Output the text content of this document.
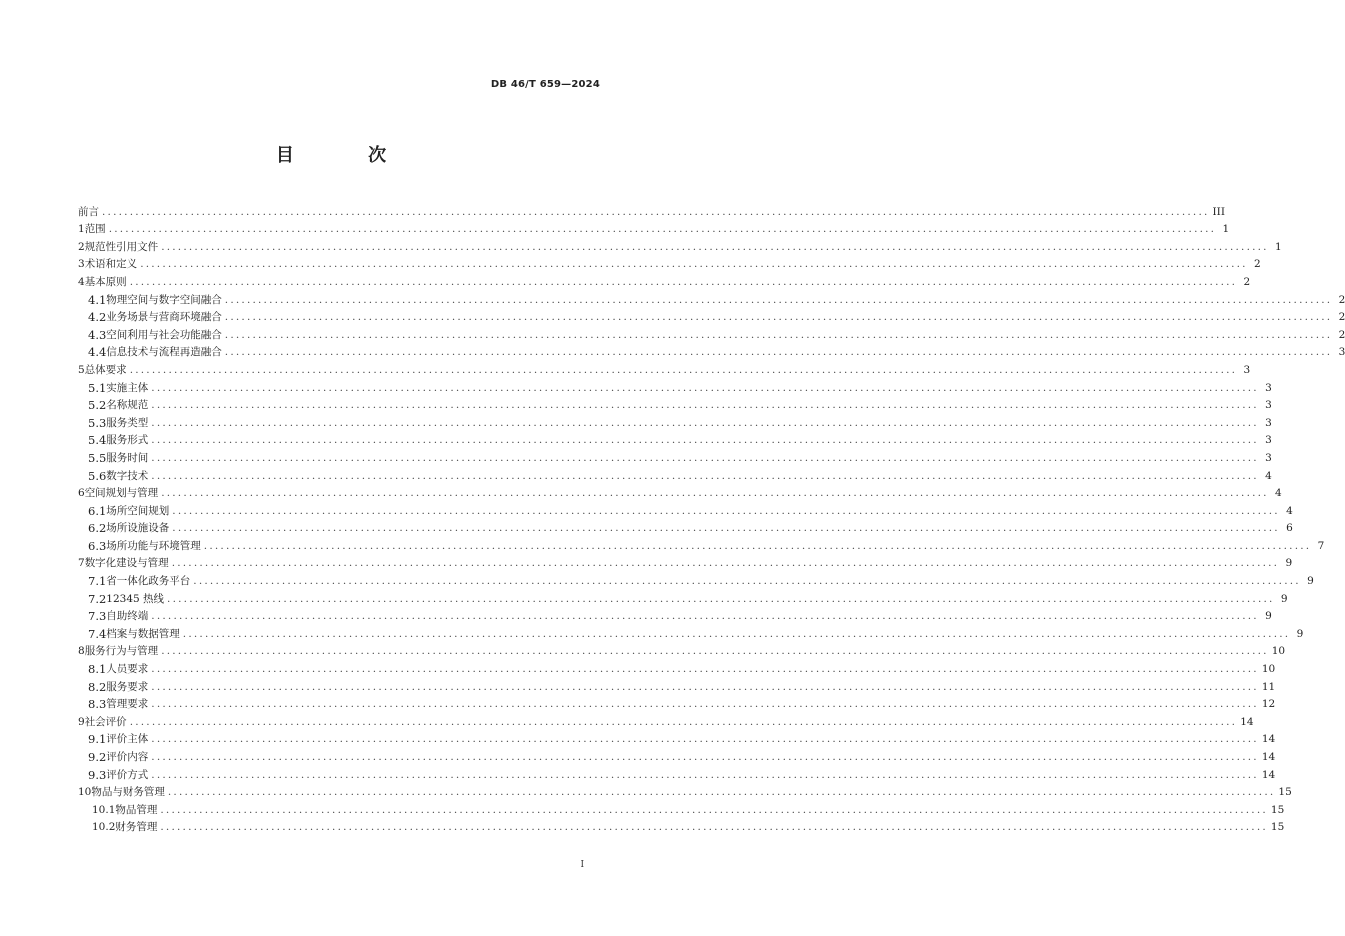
DB 46/T 659—2024
目 次
前言 ........................................................................................................................................................................................................ III
1 范围 ........................................................................................................................................................................................................ 1
2 规范性引用文件 ........................................................................................................................................................................................................ 1
3 术语和定义 ........................................................................................................................................................................................................ 2
4 基本原则 ........................................................................................................................................................................................................ 2
4.1 物理空间与数字空间融合 ........................................................................................................................................................................................................ 2
4.2 业务场景与营商环境融合 ........................................................................................................................................................................................................ 2
4.3 空间利用与社会功能融合 ........................................................................................................................................................................................................ 2
4.4 信息技术与流程再造融合 ........................................................................................................................................................................................................ 3
5 总体要求 ........................................................................................................................................................................................................ 3
5.1 实施主体 ........................................................................................................................................................................................................ 3
5.2 名称规范 ........................................................................................................................................................................................................ 3
5.3 服务类型 ........................................................................................................................................................................................................ 3
5.4 服务形式 ........................................................................................................................................................................................................ 3
5.5 服务时间 ........................................................................................................................................................................................................ 3
5.6 数字技术 ........................................................................................................................................................................................................ 4
6 空间规划与管理 ........................................................................................................................................................................................................ 4
6.1 场所空间规划 ........................................................................................................................................................................................................ 4
6.2 场所设施设备 ........................................................................................................................................................................................................ 6
6.3 场所功能与环境管理 ........................................................................................................................................................................................................ 7
7 数字化建设与管理 ........................................................................................................................................................................................................ 9
7.1 省一体化政务平台 ........................................................................................................................................................................................................ 9
7.2 12345 热线 ........................................................................................................................................................................................................ 9
7.3 自助终端 ........................................................................................................................................................................................................ 9
7.4 档案与数据管理 ........................................................................................................................................................................................................ 9
8 服务行为与管理 ........................................................................................................................................................................................................ 10
8.1 人员要求 ........................................................................................................................................................................................................ 10
8.2 服务要求 ........................................................................................................................................................................................................ 11
8.3 管理要求 ........................................................................................................................................................................................................ 12
9 社会评价 ........................................................................................................................................................................................................ 14
9.1 评价主体 ........................................................................................................................................................................................................ 14
9.2 评价内容 ........................................................................................................................................................................................................ 14
9.3 评价方式 ........................................................................................................................................................................................................ 14
10 物品与财务管理 ........................................................................................................................................................................................................ 15
10.1 物品管理 ........................................................................................................................................................................................................ 15
10.2 财务管理 ........................................................................................................................................................................................................ 15
I
